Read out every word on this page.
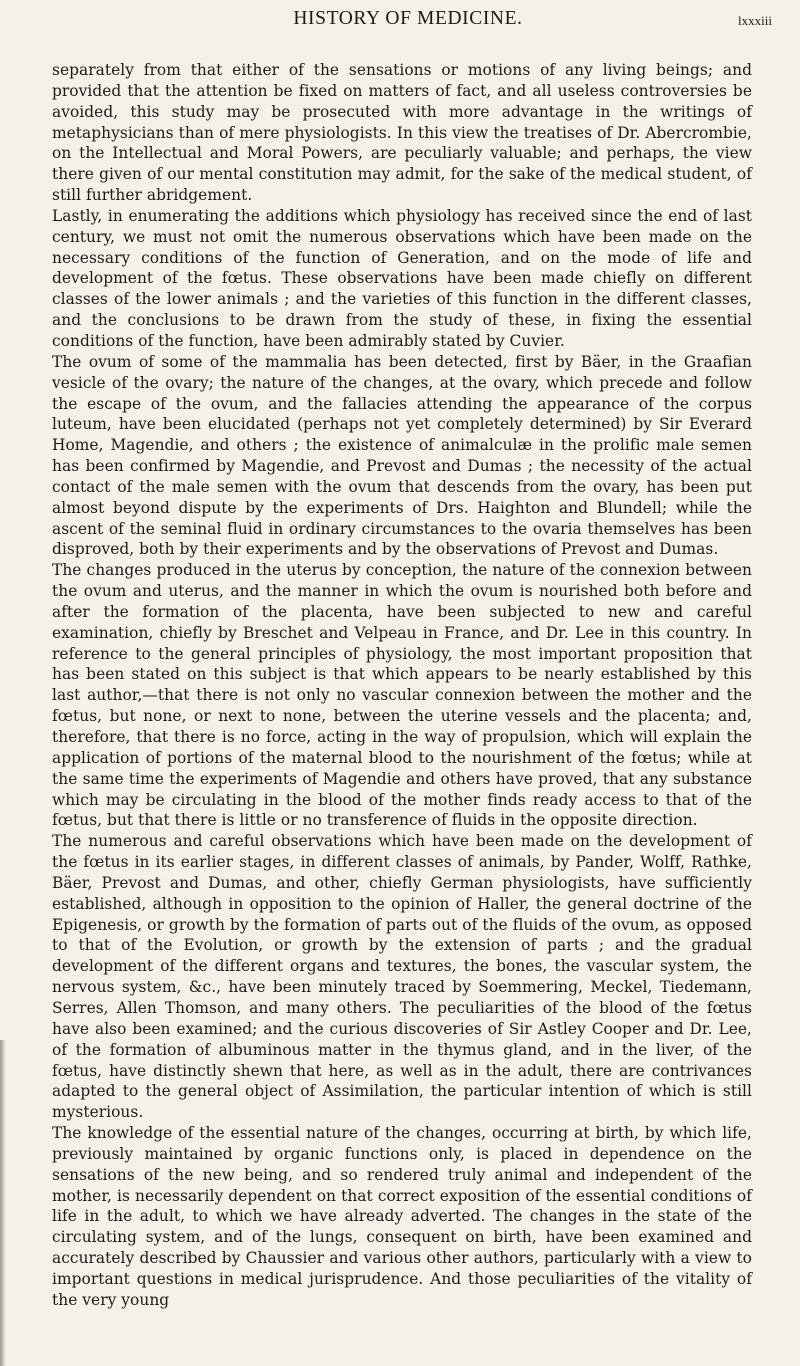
HISTORY OF MEDICINE.	lxxxiii

separately from that either of the sensations or motions of any living beings; and provided that the attention be fixed on matters of fact, and all useless controversies be avoided, this study may be prosecuted with more advantage in the writings of metaphysicians than of mere physiologists. In this view the treatises of Dr. Abercrombie, on the Intellectual and Moral Powers, are peculiarly valuable; and perhaps, the view there given of our mental constitution may admit, for the sake of the medical student, of still further abridgement.

Lastly, in enumerating the additions which physiology has received since the end of last century, we must not omit the numerous observations which have been made on the necessary conditions of the function of Generation, and on the mode of life and development of the fœtus. These observations have been made chiefly on different classes of the lower animals ; and the varieties of this function in the different classes, and the conclusions to be drawn from the study of these, in fixing the essential conditions of the function, have been admirably stated by Cuvier.

The ovum of some of the mammalia has been detected, first by Bäer, in the Graafian vesicle of the ovary; the nature of the changes, at the ovary, which precede and follow the escape of the ovum, and the fallacies attending the appearance of the corpus luteum, have been elucidated (perhaps not yet completely determined) by Sir Everard Home, Magendie, and others ; the existence of animalculæ in the prolific male semen has been confirmed by Magendie, and Prevost and Dumas ; the necessity of the actual contact of the male semen with the ovum that descends from the ovary, has been put almost beyond dispute by the experiments of Drs. Haighton and Blundell; while the ascent of the seminal fluid in ordinary circumstances to the ovaria themselves has been disproved, both by their experiments and by the observations of Prevost and Dumas.

The changes produced in the uterus by conception, the nature of the connexion between the ovum and uterus, and the manner in which the ovum is nourished both before and after the formation of the placenta, have been subjected to new and careful examination, chiefly by Breschet and Velpeau in France, and Dr. Lee in this country. In reference to the general principles of physiology, the most important proposition that has been stated on this subject is that which appears to be nearly established by this last author,—that there is not only no vascular connexion between the mother and the fœtus, but none, or next to none, between the uterine vessels and the placenta; and, therefore, that there is no force, acting in the way of propulsion, which will explain the application of portions of the maternal blood to the nourishment of the fœtus; while at the same time the experiments of Magendie and others have proved, that any substance which may be circulating in the blood of the mother finds ready access to that of the fœtus, but that there is little or no transference of fluids in the opposite direction.

The numerous and careful observations which have been made on the development of the fœtus in its earlier stages, in different classes of animals, by Pander, Wolff, Rathke, Bäer, Prevost and Dumas, and other, chiefly German physiologists, have sufficiently established, although in opposition to the opinion of Haller, the general doctrine of the Epigenesis, or growth by the formation of parts out of the fluids of the ovum, as opposed to that of the Evolution, or growth by the extension of parts ; and the gradual development of the different organs and textures, the bones, the vascular system, the nervous system, &c., have been minutely traced by Soemmering, Meckel, Tiedemann, Serres, Allen Thomson, and many others. The peculiarities of the blood of the fœtus have also been examined; and the curious discoveries of Sir Astley Cooper and Dr. Lee, of the formation of albuminous matter in the thymus gland, and in the liver, of the fœtus, have distinctly shewn that here, as well as in the adult, there are contrivances adapted to the general object of Assimilation, the particular intention of which is still mysterious.

The knowledge of the essential nature of the changes, occurring at birth, by which life, previously maintained by organic functions only, is placed in dependence on the sensations of the new being, and so rendered truly animal and independent of the mother, is necessarily dependent on that correct exposition of the essential conditions of life in the adult, to which we have already adverted. The changes in the state of the circulating system, and of the lungs, consequent on birth, have been examined and accurately described by Chaussier and various other authors, particularly with a view to important questions in medical jurisprudence. And those peculiarities of the vitality of the very young
